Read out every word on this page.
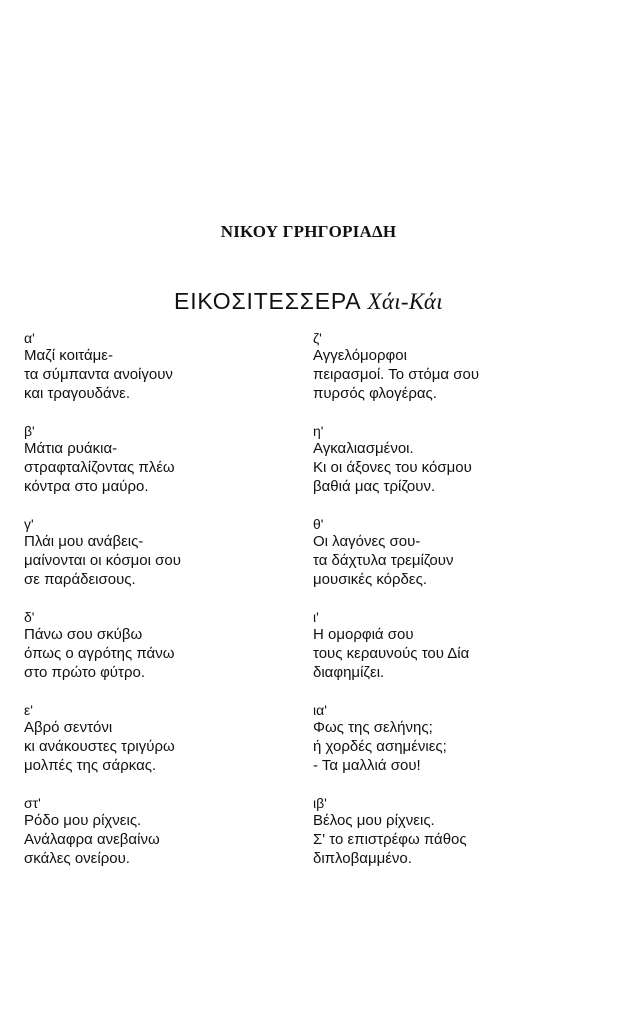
ΝΙΚΟΥ ΓΡΗΓΟΡΙΑΔΗ
ΕΙΚΟΣΙΤΕΣΣΕΡΑ Χάι-Κάι
α'
Μαζί κοιτάμε-
τα σύμπαντα ανοίγουν
και τραγουδάνε.
β'
Μάτια ρυάκια-
στραφταλίζοντας πλέω
κόντρα στο μαύρο.
γ'
Πλάι μου ανάβεις-
μαίνονται οι κόσμοι σου
σε παράδεισους.
δ'
Πάνω σου σκύβω
όπως ο αγρότης πάνω
στο πρώτο φύτρο.
ε'
Αβρό σεντόνι
κι ανάκουστες τριγύρω
μολπές της σάρκας.
στ'
Ρόδο μου ρίχνεις.
Ανάλαφρα ανεβαίνω
σκάλες ονείρου.
ζ'
Αγγελόμορφοι
πειρασμοί. Το στόμα σου
πυρσός φλογέρας.
η'
Αγκαλιασμένοι.
Κι οι άξονες του κόσμου
βαθιά μας τρίζουν.
θ'
Οι λαγόνες σου-
τα δάχτυλα τρεμίζουν
μουσικές κόρδες.
ι'
Η ομορφιά σου
τους κεραυνούς του Δία
διαφημίζει.
ια'
Φως της σελήνης;
ή χορδές ασημένιες;
- Τα μαλλιά σου!
ιβ'
Βέλος μου ρίχνεις.
Σ' το επιστρέφω πάθος
διπλοβαμμένο.
